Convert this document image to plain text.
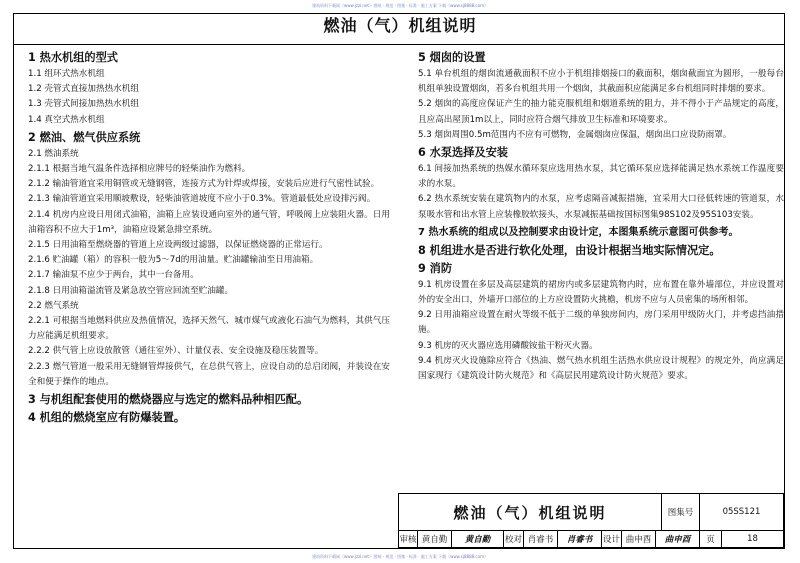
建筑资料下载网（www.jzzl.net）· 图纸 · 规范 · 图集 · 标准 · 施工方案 下载（www.sj8888.com）
建筑资料下载网（www.jzzl.net）· 图纸 · 规范 · 图集 · 标准 · 施工方案 下载（www.sj8888.com）
燃油（气）机组说明
1 热水机组的型式
1.1 组环式热水机组
1.2 壳管式直接加热热水机组
1.3 壳管式间接加热热水机组
1.4 真空式热水机组
2 燃油、燃气供应系统
2.1 燃油系统
2.1.1 根据当地气温条件选择相应牌号的轻柴油作为燃料。
2.1.2 输油管道宜采用铜管或无缝钢管，连接方式为针焊或焊接，安装后应进行气密性试验。
2.1.3 输油管道宜采用顺坡敷设，轻柴油管道坡度不应小于0.3%。管道最低处应设排污阀。
2.1.4 机房内应设日用闭式油箱，油箱上应装设通向室外的通气管，呼吸阀上应装阻火器。日用油箱容积不应大于1m³，油箱应设紧急排空系统。
2.1.5 日用油箱至燃烧器的管道上应设两级过滤器，以保证燃烧器的正常运行。
2.1.6 贮油罐（箱）的容积一般为5～7d的用油量。贮油罐输油至日用油箱。
2.1.7 输油泵不应少于两台，其中一台备用。
2.1.8 日用油箱溢流管及紧急放空管应回流至贮油罐。
2.2 燃气系统
2.2.1 可根据当地燃料供应及热值情况，选择天然气、城市煤气或液化石油气为燃料，其供气压力应能满足机组要求。
2.2.2 供气管上应设放散管（通往室外）、计量仪表、安全设施及稳压装置等。
2.2.3 燃气管道一般采用无缝钢管焊接供气，在总供气管上，应设自动的总启闭阀，并装设在安全和便于操作的地点。
3 与机组配套使用的燃烧器应与选定的燃料品种相匹配。
4 机组的燃烧室应有防爆装置。
5 烟囱的设置
5.1 单台机组的烟囱流通截面积不应小于机组排烟接口的截面积，烟囱截面宜为圆形，一般每台机组单独设置烟囱，若多台机组共用一个烟囱，其截面积应能满足多台机组同时排烟的要求。
5.2 烟囱的高度应保证产生的抽力能克服机组和烟道系统的阻力，并不得小于产品规定的高度，且应高出屋顶1m以上，同时应符合烟气排放卫生标准和环境要求。
5.3 烟囱周围0.5m范围内不应有可燃物，金属烟囱应保温，烟囱出口应设防雨罩。
6 水泵选择及安装
6.1 间接加热系统的热媒水循环泵应选用热水泵，其它循环泵应选择能满足热水系统工作温度要求的水泵。
6.2 热水系统安装在建筑物内的水泵，应考虑隔音减振措施，宜采用大口径低转速的管道泵，水泵吸水管和出水管上应装橡胶软接头，水泵减振基础按国标图集98S102及95S103安装。
7 热水系统的组成以及控制要求由设计定，本图集系统示意图可供参考。
8 机组进水是否进行软化处理，由设计根据当地实际情况定。
9 消防
9.1 机房设置在多层及高层建筑的裙房内或多层建筑物内时，应布置在靠外墙部位，并应设置对外的安全出口，外墙开口部位的上方应设置防火挑檐，机房不应与人员密集的场所相邻。
9.2 日用油箱应设置在耐火等级不低于二级的单独房间内，房门采用甲级防火门，并考虑挡油措施。
9.3 机房的灭火器应选用磷酸铵盐干粉灭火器。
9.4 机房灭火设施除应符合《热油、燃气热水机组生活热水供应设计规程》的规定外，尚应满足国家现行《建筑设计防火规范》和《高层民用建筑设计防火规范》要求。
燃油（气）机组说明	图集号	05SS121
审核 黄自勤	黄自勤	校对 肖睿书	肖睿书	设计 曲申酉	曲申酉	页	18
